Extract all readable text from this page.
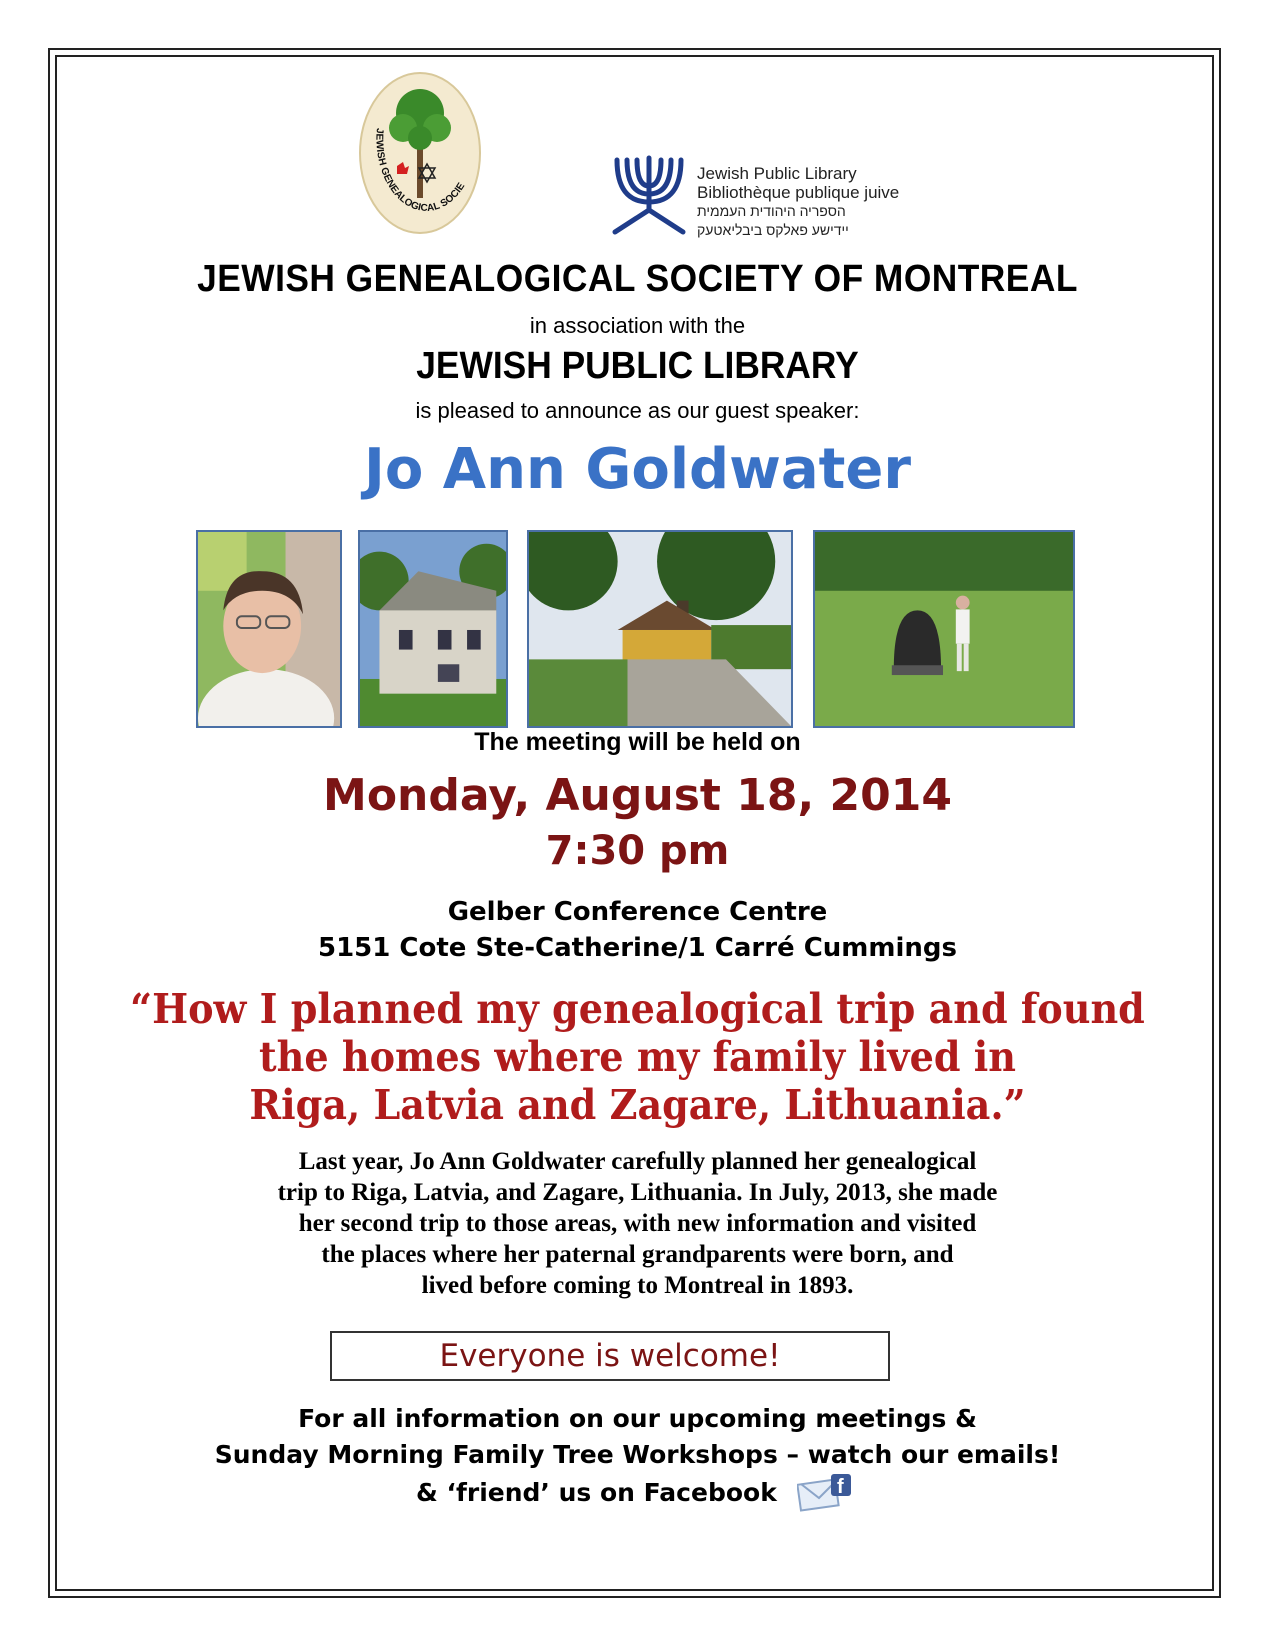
JEWISH GENEALOGICAL SOCIE
Jewish Public Library
Bibliothèque publique juive
הספריה היהודית העממית
יידישע פאלקס ביבליאטעק
JEWISH GENEALOGICAL SOCIETY OF MONTREAL
in association with the
JEWISH PUBLIC LIBRARY
is pleased to announce as our guest speaker:
Jo Ann Goldwater
The meeting will be held on
Monday, August 18, 2014
7:30 pm
Gelber Conference Centre
5151 Cote Ste-Catherine/1 Carré Cummings
“How I planned my genealogical trip and found
the homes where my family lived in
Riga, Latvia and Zagare, Lithuania.”
Last year, Jo Ann Goldwater carefully planned her genealogical
trip to Riga, Latvia, and Zagare, Lithuania. In July, 2013, she made
her second trip to those areas, with new information and visited
the places where her paternal grandparents were born, and
lived before coming to Montreal in 1893.
Everyone is welcome!
For all information on our upcoming meetings &
Sunday Morning Family Tree Workshops – watch our emails!
& ‘friend’ us on Facebook	f
